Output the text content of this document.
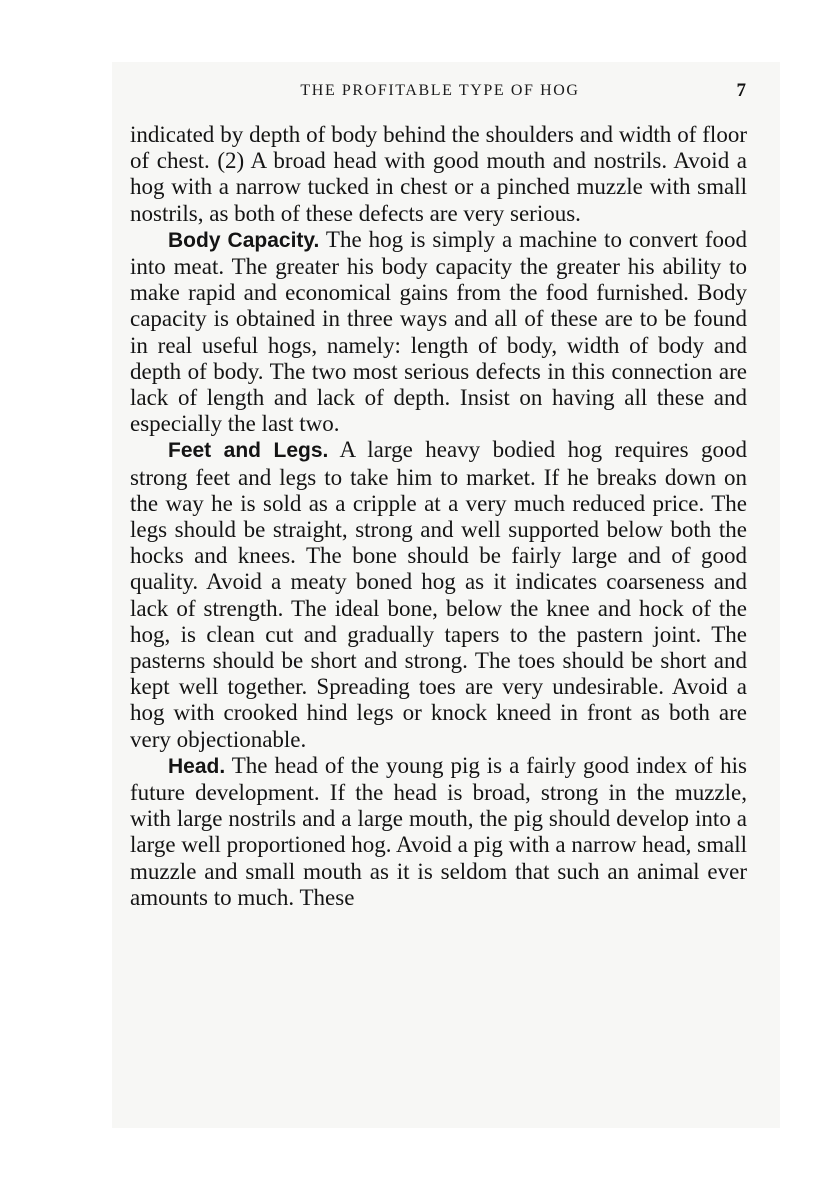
THE PROFITABLE TYPE OF HOG	7

indicated by depth of body behind the shoulders and width of floor of chest. (2) A broad head with good mouth and nostrils. Avoid a hog with a narrow tucked in chest or a pinched muzzle with small nostrils, as both of these defects are very serious.

Body Capacity. The hog is simply a machine to convert food into meat. The greater his body capacity the greater his ability to make rapid and economical gains from the food furnished. Body capacity is obtained in three ways and all of these are to be found in real useful hogs, namely: length of body, width of body and depth of body. The two most serious defects in this connection are lack of length and lack of depth. Insist on having all these and especially the last two.

Feet and Legs. A large heavy bodied hog requires good strong feet and legs to take him to market. If he breaks down on the way he is sold as a cripple at a very much reduced price. The legs should be straight, strong and well supported below both the hocks and knees. The bone should be fairly large and of good quality. Avoid a meaty boned hog as it indicates coarseness and lack of strength. The ideal bone, below the knee and hock of the hog, is clean cut and gradually tapers to the pastern joint. The pasterns should be short and strong. The toes should be short and kept well together. Spreading toes are very undesirable. Avoid a hog with crooked hind legs or knock kneed in front as both are very objectionable.

Head. The head of the young pig is a fairly good index of his future development. If the head is broad, strong in the muzzle, with large nostrils and a large mouth, the pig should develop into a large well proportioned hog. Avoid a pig with a narrow head, small muzzle and small mouth as it is seldom that such an animal ever amounts to much. These
